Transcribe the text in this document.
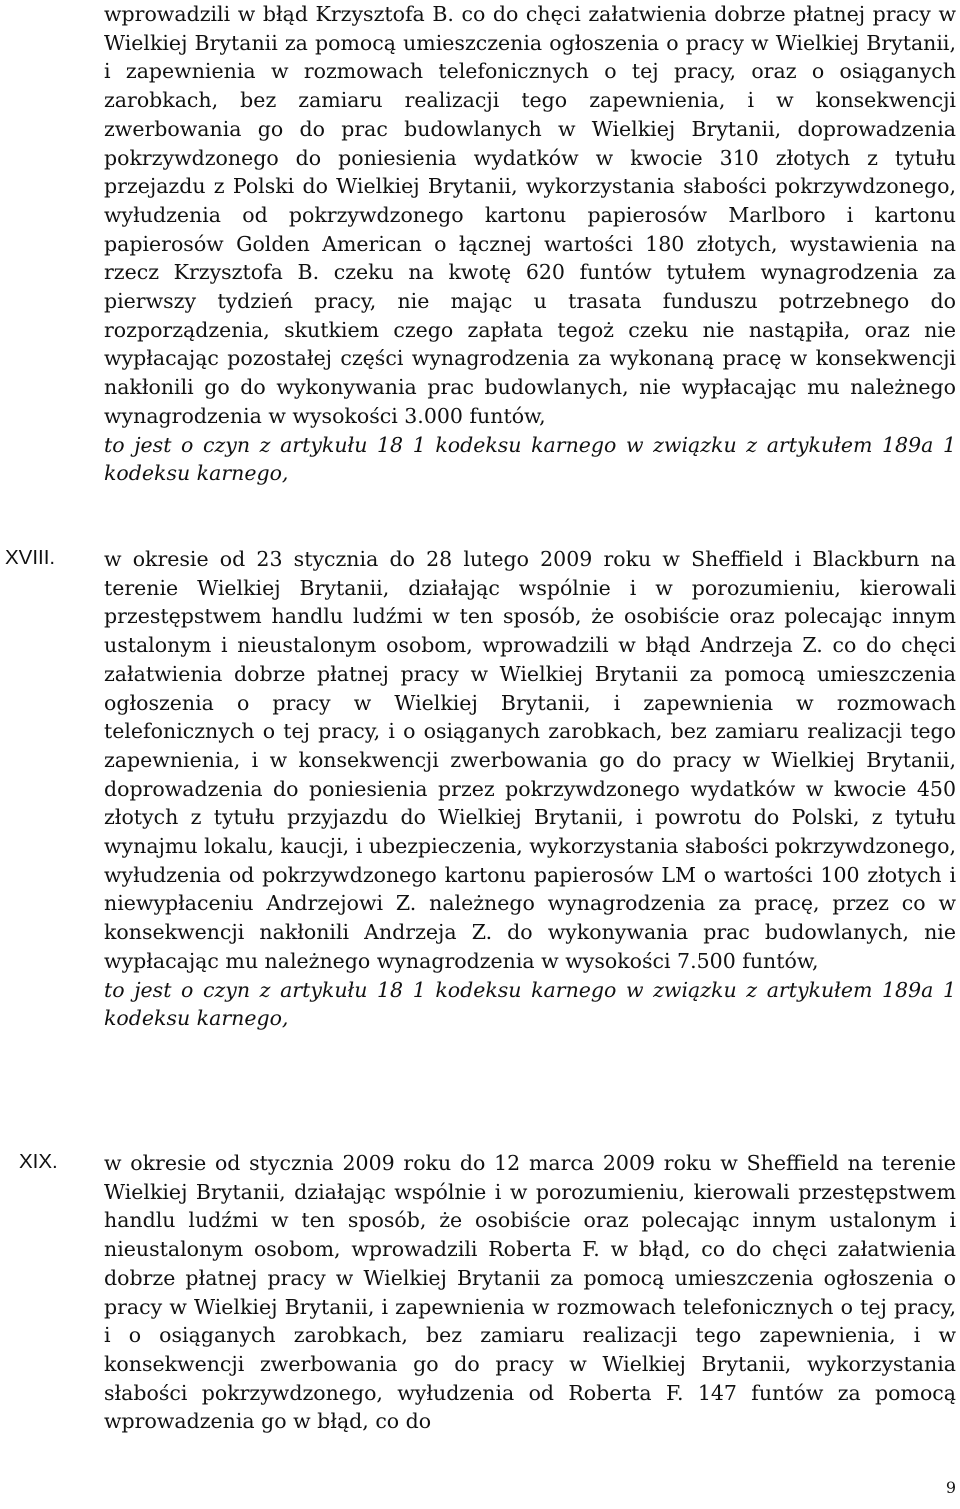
wprowadzili w błąd Krzysztofa B. co do chęci załatwienia dobrze płatnej pracy w Wielkiej Brytanii za pomocą umieszczenia ogłoszenia o pracy w Wielkiej Brytanii, i zapewnienia w rozmowach telefonicznych o tej pracy, oraz o osiąganych zarobkach, bez zamiaru realizacji tego zapewnienia, i w konsekwencji zwerbowania go do prac budowlanych w Wielkiej Brytanii, doprowadzenia pokrzywdzonego do poniesienia wydatków w kwocie 310 złotych z tytułu przejazdu z Polski do Wielkiej Brytanii, wykorzystania słabości pokrzywdzonego, wyłudzenia od pokrzywdzonego kartonu papierosów Marlboro i kartonu papierosów Golden American o łącznej wartości 180 złotych, wystawienia na rzecz Krzysztofa B. czeku na kwotę 620 funtów tytułem wynagrodzenia za pierwszy tydzień pracy, nie mając u trasata funduszu potrzebnego do rozporządzenia, skutkiem czego zapłata tegoż czeku nie nastąpiła, oraz nie wypłacając pozostałej części wynagrodzenia za wykonaną pracę w konsekwencji nakłonili go do wykonywania prac budowlanych, nie wypłacając mu należnego wynagrodzenia w wysokości 3.000 funtów,
to jest o czyn z artykułu 18 1 kodeksu karnego w związku z artykułem 189a 1 kodeksu karnego,

XVIII. w okresie od 23 stycznia do 28 lutego 2009 roku w Sheffield i Blackburn na terenie Wielkiej Brytanii, działając wspólnie i w porozumieniu, kierowali przestępstwem handlu ludźmi w ten sposób, że osobiście oraz polecając innym ustalonym i nieustalonym osobom, wprowadzili w błąd Andrzeja Z. co do chęci załatwienia dobrze płatnej pracy w Wielkiej Brytanii za pomocą umieszczenia ogłoszenia o pracy w Wielkiej Brytanii, i zapewnienia w rozmowach telefonicznych o tej pracy, i o osiąganych zarobkach, bez zamiaru realizacji tego zapewnienia, i w konsekwencji zwerbowania go do pracy w Wielkiej Brytanii, doprowadzenia do poniesienia przez pokrzywdzonego wydatków w kwocie 450 złotych z tytułu przyjazdu do Wielkiej Brytanii, i powrotu do Polski, z tytułu wynajmu lokalu, kaucji, i ubezpieczenia, wykorzystania słabości pokrzywdzonego, wyłudzenia od pokrzywdzonego kartonu papierosów LM o wartości 100 złotych i niewypłaceniu Andrzejowi Z. należnego wynagrodzenia za pracę, przez co w konsekwencji nakłonili Andrzeja Z. do wykonywania prac budowlanych, nie wypłacając mu należnego wynagrodzenia w wysokości 7.500 funtów,
to jest o czyn z artykułu 18 1 kodeksu karnego w związku z artykułem 189a 1 kodeksu karnego,

XIX. w okresie od stycznia 2009 roku do 12 marca 2009 roku w Sheffield na terenie Wielkiej Brytanii, działając wspólnie i w porozumieniu, kierowali przestępstwem handlu ludźmi w ten sposób, że osobiście oraz polecając innym ustalonym i nieustalonym osobom, wprowadzili Roberta F. w błąd, co do chęci załatwienia dobrze płatnej pracy w Wielkiej Brytanii za pomocą umieszczenia ogłoszenia o pracy w Wielkiej Brytanii, i zapewnienia w rozmowach telefonicznych o tej pracy, i o osiąganych zarobkach, bez zamiaru realizacji tego zapewnienia, i w konsekwencji zwerbowania go do pracy w Wielkiej Brytanii, wykorzystania słabości pokrzywdzonego, wyłudzenia od Roberta F. 147 funtów za pomocą wprowadzenia go w błąd, co do

9
